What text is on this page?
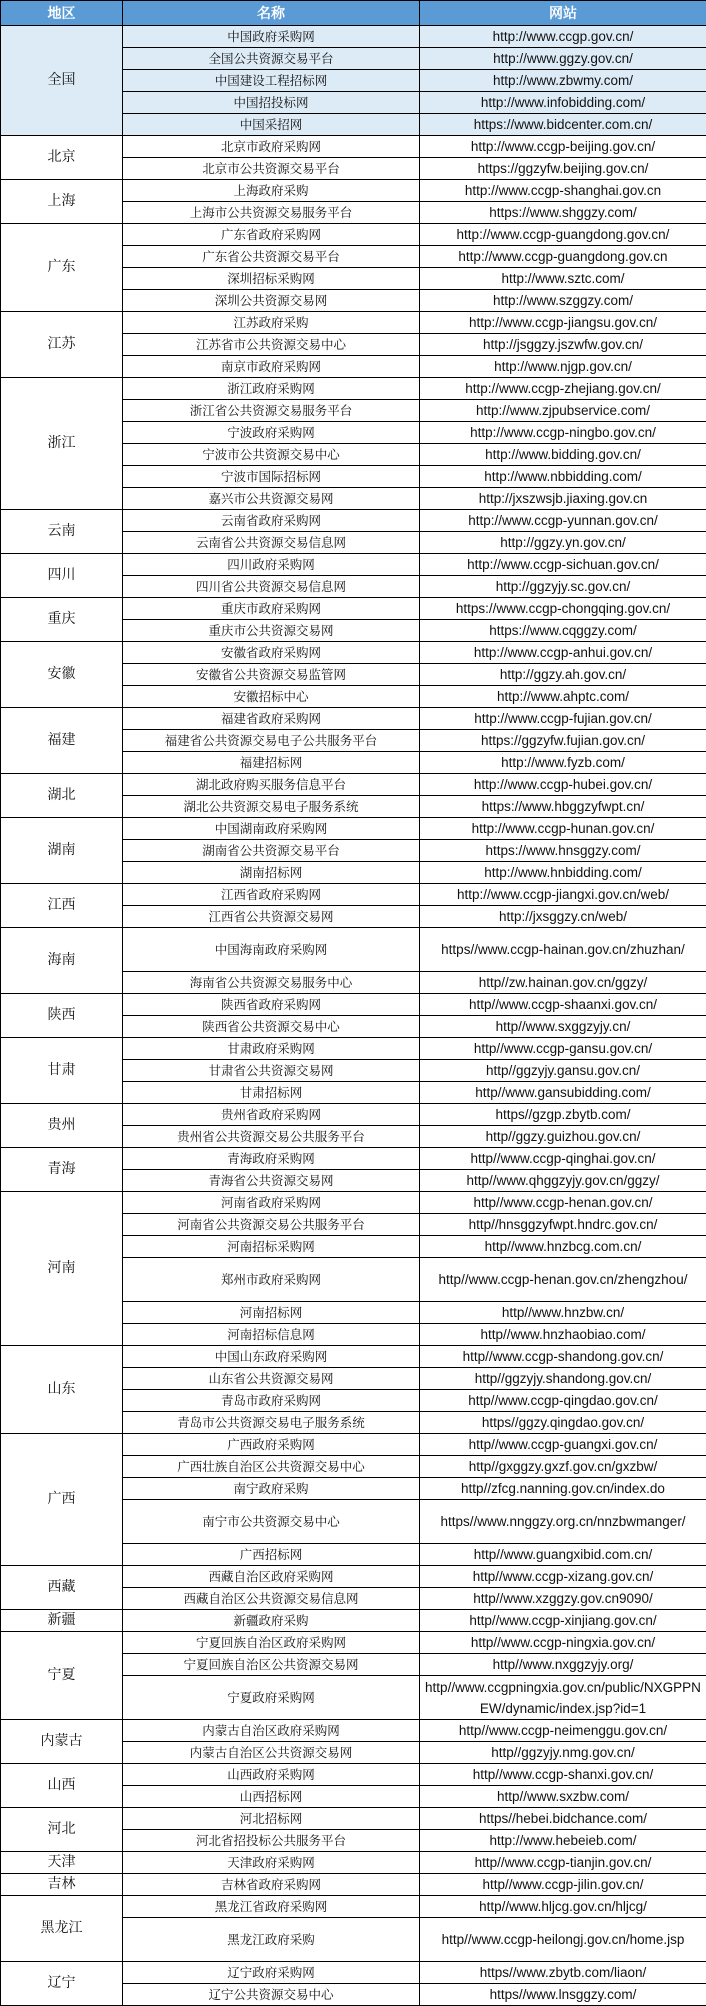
地区	名称	网站
全国	中国政府采购网	http://www.ccgp.gov.cn/
	全国公共资源交易平台	http://www.ggzy.gov.cn/
	中国建设工程招标网	http://www.zbwmy.com/
	中国招投标网	http://www.infobidding.com/
	中国采招网	https://www.bidcenter.com.cn/
北京	北京市政府采购网	http://www.ccgp-beijing.gov.cn/
	北京市公共资源交易平台	https://ggzyfw.beijing.gov.cn/
上海	上海政府采购	http://www.ccgp-shanghai.gov.cn
	上海市公共资源交易服务平台	https://www.shggzy.com/
广东	广东省政府采购网	http://www.ccgp-guangdong.gov.cn/
	广东省公共资源交易平台	http://www.ccgp-guangdong.gov.cn
	深圳招标采购网	http://www.sztc.com/
	深圳公共资源交易网	http://www.szggzy.com/
江苏	江苏政府采购	http://www.ccgp-jiangsu.gov.cn/
	江苏省市公共资源交易中心	http://jsggzy.jszwfw.gov.cn/
	南京市政府采购网	http://www.njgp.gov.cn/
浙江	浙江政府采购网	http://www.ccgp-zhejiang.gov.cn/
	浙江省公共资源交易服务平台	http://www.zjpubservice.com/
	宁波政府采购网	http://www.ccgp-ningbo.gov.cn/
	宁波市公共资源交易中心	http://www.bidding.gov.cn/
	宁波市国际招标网	http://www.nbbidding.com/
	嘉兴市公共资源交易网	http://jxszwsjb.jiaxing.gov.cn
云南	云南省政府采购网	http://www.ccgp-yunnan.gov.cn/
	云南省公共资源交易信息网	http://ggzy.yn.gov.cn/
四川	四川政府采购网	http://www.ccgp-sichuan.gov.cn/
	四川省公共资源交易信息网	http://ggzyjy.sc.gov.cn/
重庆	重庆市政府采购网	https://www.ccgp-chongqing.gov.cn/
	重庆市公共资源交易网	https://www.cqggzy.com/
安徽	安徽省政府采购网	http://www.ccgp-anhui.gov.cn/
	安徽省公共资源交易监管网	http://ggzy.ah.gov.cn/
	安徽招标中心	http://www.ahptc.com/
福建	福建省政府采购网	http://www.ccgp-fujian.gov.cn/
	福建省公共资源交易电子公共服务平台	https://ggzyfw.fujian.gov.cn/
	福建招标网	http://www.fyzb.com/
湖北	湖北政府购买服务信息平台	http://www.ccgp-hubei.gov.cn/
	湖北公共资源交易电子服务系统	https://www.hbggzyfwpt.cn/
湖南	中国湖南政府采购网	http://www.ccgp-hunan.gov.cn/
	湖南省公共资源交易平台	https://www.hnsggzy.com/
	湖南招标网	http://www.hnbidding.com/
江西	江西省政府采购网	http://www.ccgp-jiangxi.gov.cn/web/
	江西省公共资源交易网	http://jxsggzy.cn/web/
海南	中国海南政府采购网	https//www.ccgp-hainan.gov.cn/zhuzhan/
	海南省公共资源交易服务中心	http//zw.hainan.gov.cn/ggzy/
陕西	陕西省政府采购网	http//www.ccgp-shaanxi.gov.cn/
	陕西省公共资源交易中心	http//www.sxggzyjy.cn/
甘肃	甘肃政府采购网	http//www.ccgp-gansu.gov.cn/
	甘肃省公共资源交易网	http//ggzyjy.gansu.gov.cn/
	甘肃招标网	http//www.gansubidding.com/
贵州	贵州省政府采购网	https//gzgp.zbytb.com/
	贵州省公共资源交易公共服务平台	http//ggzy.guizhou.gov.cn/
青海	青海政府采购网	http//www.ccgp-qinghai.gov.cn/
	青海省公共资源交易网	http//www.qhggzyjy.gov.cn/ggzy/
河南	河南省政府采购网	http//www.ccgp-henan.gov.cn/
	河南省公共资源交易公共服务平台	http//hnsggzyfwpt.hndrc.gov.cn/
	河南招标采购网	http//www.hnzbcg.com.cn/
	郑州市政府采购网	http//www.ccgp-henan.gov.cn/zhengzhou/
	河南招标网	http//www.hnzbw.cn/
	河南招标信息网	http//www.hnzhaobiao.com/
山东	中国山东政府采购网	http//www.ccgp-shandong.gov.cn/
	山东省公共资源交易网	http//ggzyjy.shandong.gov.cn/
	青岛市政府采购网	http//www.ccgp-qingdao.gov.cn/
	青岛市公共资源交易电子服务系统	https//ggzy.qingdao.gov.cn/
广西	广西政府采购网	http//www.ccgp-guangxi.gov.cn/
	广西壮族自治区公共资源交易中心	http//gxggzy.gxzf.gov.cn/gxzbw/
	南宁政府采购	http//zfcg.nanning.gov.cn/index.do
	南宁市公共资源交易中心	https//www.nnggzy.org.cn/nnzbwmanger/
	广西招标网	http//www.guangxibid.com.cn/
西藏	西藏自治区政府采购网	http//www.ccgp-xizang.gov.cn/
	西藏自治区公共资源交易信息网	http//www.xzggzy.gov.cn9090/
新疆	新疆政府采购	http//www.ccgp-xinjiang.gov.cn/
宁夏	宁夏回族自治区政府采购网	http//www.ccgp-ningxia.gov.cn/
	宁夏回族自治区公共资源交易网	http//www.nxggzyjy.org/
	宁夏政府采购网	http//www.ccgpningxia.gov.cn/public/NXGPPNEW/dynamic/index.jsp?id=1
内蒙古	内蒙古自治区政府采购网	http//www.ccgp-neimenggu.gov.cn/
	内蒙古自治区公共资源交易网	http//ggzyjy.nmg.gov.cn/
山西	山西政府采购网	http//www.ccgp-shanxi.gov.cn/
	山西招标网	http//www.sxzbw.com/
河北	河北招标网	https//hebei.bidchance.com/
	河北省招投标公共服务平台	http://www.hebeieb.com/
天津	天津政府采购网	http//www.ccgp-tianjin.gov.cn/
吉林	吉林省政府采购网	http//www.ccgp-jilin.gov.cn/
黑龙江	黑龙江省政府采购网	http//www.hljcg.gov.cn/hljcg/
	黑龙江政府采购	http//www.ccgp-heilongj.gov.cn/home.jsp
辽宁	辽宁政府采购网	https//www.zbytb.com/liaon/
	辽宁公共资源交易中心	https//www.lnsggzy.com/
